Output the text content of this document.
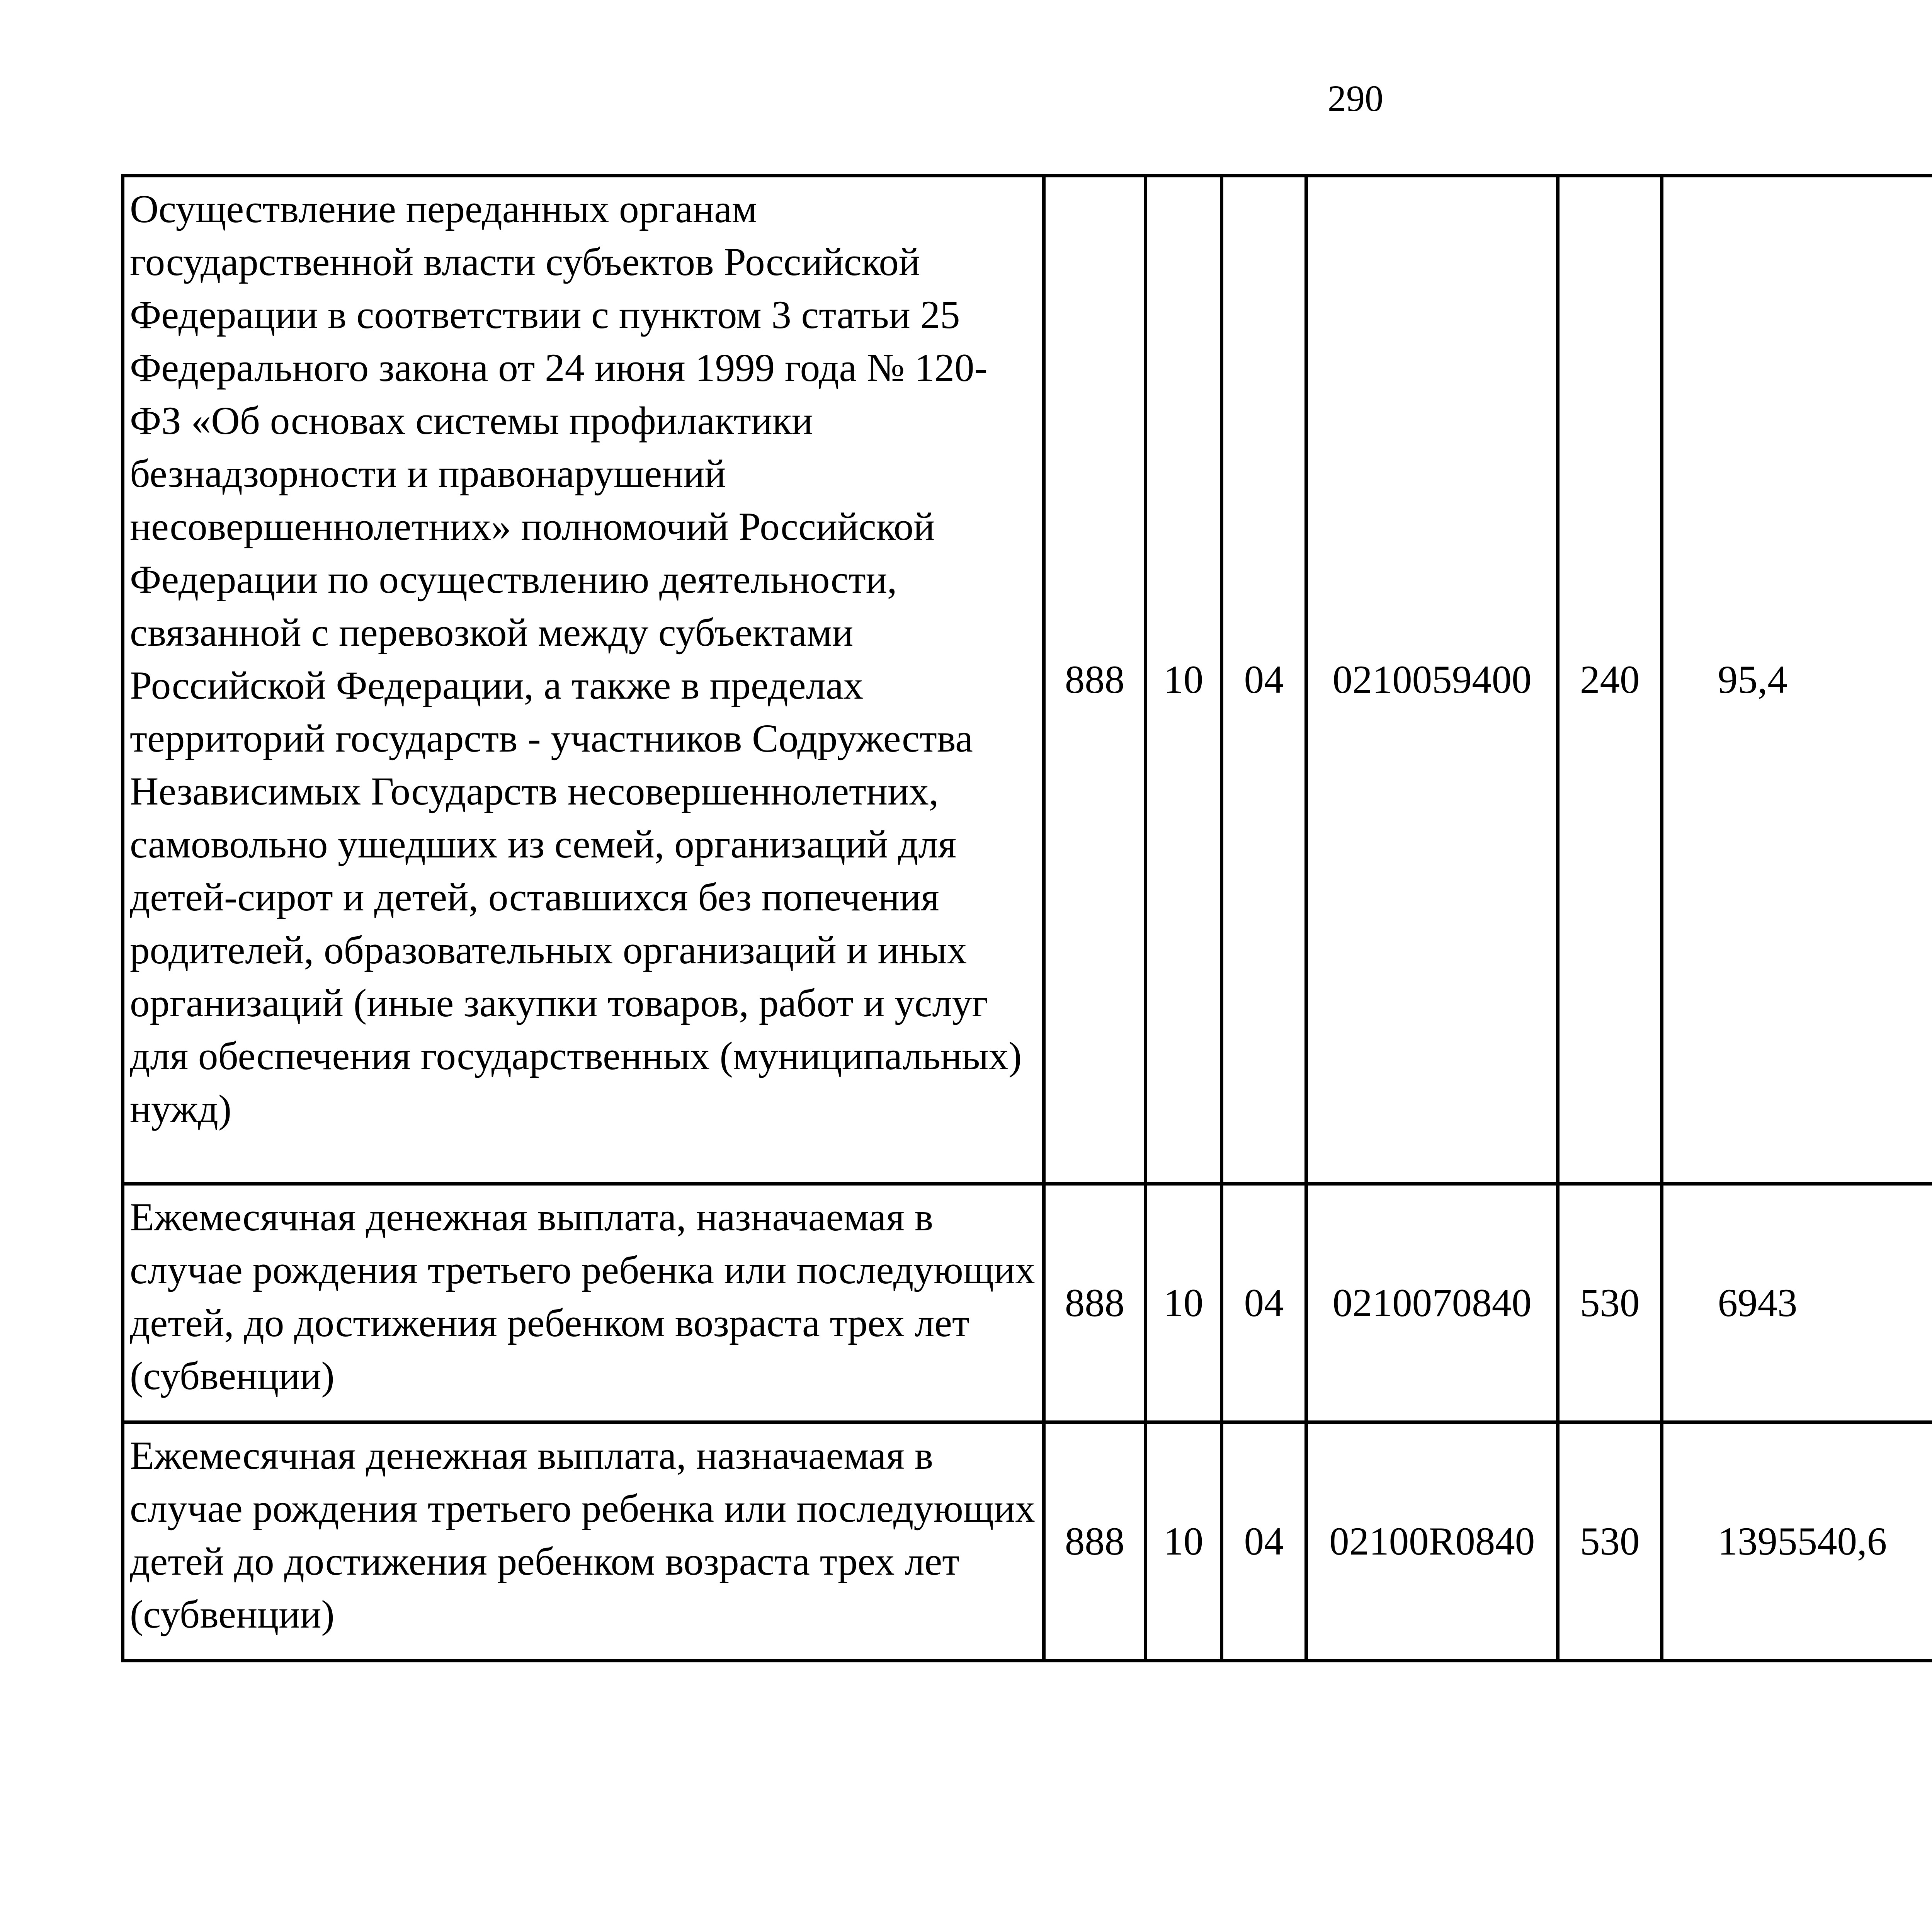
290
Осуществление переданных органам государственной власти субъектов Российской Федерации в соответствии с пунктом 3 статьи 25 Федерального закона от 24 июня 1999 года № 120-ФЗ «Об основах системы профилактики безнадзорности и правонарушений несовершеннолетних» полномочий Российской Федерации по осуществлению деятельности, связанной с перевозкой между субъектами Российской Федерации, а также в пределах территорий государств - участников Содружества Независимых Государств несовершеннолетних, самовольно ушедших из семей, организаций для детей-сирот и детей, оставшихся без попечения родителей, образовательных организаций и иных организаций (иные закупки товаров, работ и услуг для обеспечения государственных (муниципальных) нужд)	888	10	04	0210059400	240	95,4		
Ежемесячная денежная выплата, назначаемая в случае рождения третьего ребенка или последующих детей, до достижения ребенком возраста трех лет (субвенции)	888	10	04	0210070840	530	6943		
Ежемесячная денежная выплата, назначаемая в случае рождения третьего ребенка или последующих детей до достижения ребенком возраста трех лет (субвенции)	888	10	04	02100R0840	530	1395540,6		
